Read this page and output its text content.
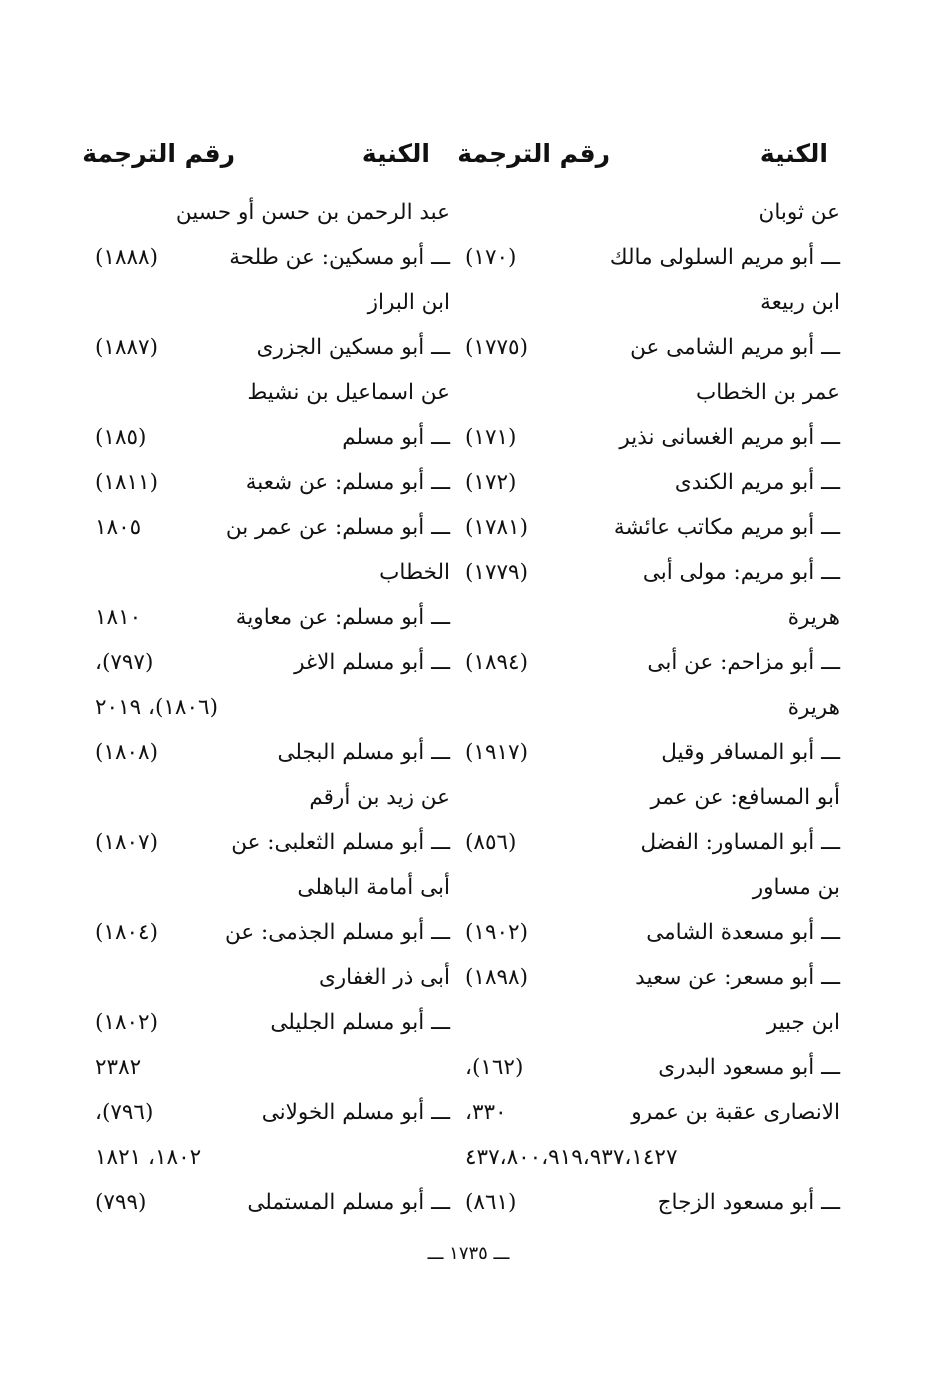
الكنية
رقم الترجمة
الكنية
رقم الترجمة
عن ثوبان
ـــ أبو مريم السلولى مالك
(١٧٠)
ابن ربيعة
ـــ أبو مريم الشامى عن
(١٧٧٥)
عمر بن الخطاب
ـــ أبو مريم الغسانى نذير
(١٧١)
ـــ أبو مريم الكندى
(١٧٢)
ـــ أبو مريم مكاتب عائشة
(١٧٨١)
ـــ أبو مريم: مولى أبى
(١٧٧٩)
هريرة
ـــ أبو مزاحم: عن أبى
(١٨٩٤)
هريرة
ـــ أبو المسافر وقيل
(١٩١٧)
أبو المسافع: عن عمر
ـــ أبو المساور: الفضل
(٨٥٦)
بن مساور
ـــ أبو مسعدة الشامى
(١٩٠٢)
ـــ أبو مسعر: عن سعيد
(١٨٩٨)
ابن جبير
ـــ أبو مسعود البدرى
(١٦٢)،
الانصارى عقبة بن عمرو
٣٣٠،
٤٣٧،٨٠٠،٩١٩،٩٣٧،١٤٢٧
ـــ أبو مسعود الزجاج
(٨٦١)
عبد الرحمن بن حسن أو حسين
ـــ أبو مسكين: عن طلحة
(١٨٨٨)
ابن البراز
ـــ أبو مسكين الجزرى
(١٨٨٧)
عن اسماعيل بن نشيط
ـــ أبو مسلم
(١٨٥)
ـــ أبو مسلم: عن شعبة
(١٨١١)
ـــ أبو مسلم: عن عمر بن
١٨٠٥
الخطاب
ـــ أبو مسلم: عن معاوية
١٨١٠
ـــ أبو مسلم الاغر
(٧٩٧)،
(١٨٠٦)، ٢٠١٩
ـــ أبو مسلم البجلى
(١٨٠٨)
عن زيد بن أرقم
ـــ أبو مسلم الثعلبى: عن
(١٨٠٧)
أبى أمامة الباهلى
ـــ أبو مسلم الجذمى: عن
(١٨٠٤)
أبى ذر الغفارى
ـــ أبو مسلم الجليلى
(١٨٠٢)
٢٣٨٢
ـــ أبو مسلم الخولانى
(٧٩٦)،
١٨٠٢، ١٨٢١
ـــ أبو مسلم المستملى
(٧٩٩)
ـــ ١٧٣٥ ـــ
